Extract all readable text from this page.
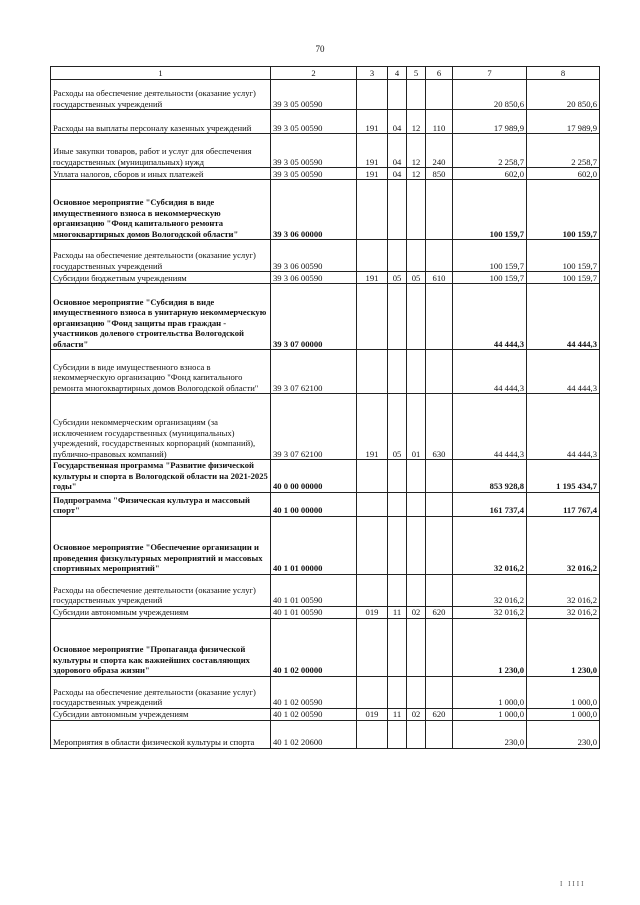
70
1	2	3	4	5	6	7	8
Расходы на обеспечение деятельности (оказание услуг) государственных учреждений	39 3 05 00590					20 850,6	20 850,6
Расходы на выплаты персоналу казенных учреждений	39 3 05 00590	191	04	12	110	17 989,9	17 989,9
Иные закупки товаров, работ и услуг для обеспечения государственных (муниципальных) нужд	39 3 05 00590	191	04	12	240	2 258,7	2 258,7
Уплата налогов, сборов и иных платежей	39 3 05 00590	191	04	12	850	602,0	602,0
Основное мероприятие "Субсидия в виде имущественного взноса в некоммерческую организацию "Фонд капитального ремонта многоквартирных домов Вологодской области"	39 3 06 00000					100 159,7	100 159,7
Расходы на обеспечение деятельности (оказание услуг) государственных учреждений	39 3 06 00590					100 159,7	100 159,7
Субсидии бюджетным учреждениям	39 3 06 00590	191	05	05	610	100 159,7	100 159,7
Основное мероприятие "Субсидия в виде имущественного взноса в унитарную некоммерческую организацию "Фонд защиты прав граждан - участников долевого строительства Вологодской области"	39 3 07 00000					44 444,3	44 444,3
Субсидии в виде имущественного взноса в некоммерческую организацию "Фонд капитального ремонта многоквартирных домов Вологодской области"	39 3 07 62100					44 444,3	44 444,3
Субсидии некоммерческим организациям (за исключением государственных (муниципальных) учреждений, государственных корпораций (компаний), публично-правовых компаний)	39 3 07 62100	191	05	01	630	44 444,3	44 444,3
Государственная программа "Развитие физической культуры и спорта в Вологодской области на 2021-2025 годы"	40 0 00 00000					853 928,8	1 195 434,7
Подпрограмма "Физическая культура и массовый спорт"	40 1 00 00000					161 737,4	117 767,4
Основное мероприятие "Обеспечение организации и проведения физкультурных мероприятий и массовых спортивных мероприятий"	40 1 01 00000					32 016,2	32 016,2
Расходы на обеспечение деятельности (оказание услуг) государственных учреждений	40 1 01 00590					32 016,2	32 016,2
Субсидии автономным учреждениям	40 1 01 00590	019	11	02	620	32 016,2	32 016,2
Основное мероприятие "Пропаганда физической культуры и спорта как важнейших составляющих здорового образа жизни"	40 1 02 00000					1 230,0	1 230,0
Расходы на обеспечение деятельности (оказание услуг) государственных учреждений	40 1 02 00590					1 000,0	1 000,0
Субсидии автономным учреждениям	40 1 02 00590	019	11	02	620	1 000,0	1 000,0
Мероприятия в области физической культуры и спорта	40 1 02 20600					230,0	230,0
I IIII
